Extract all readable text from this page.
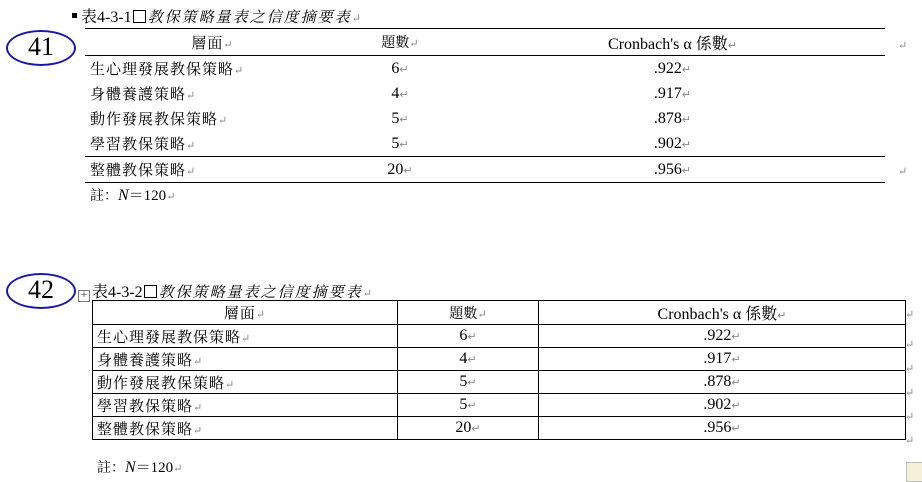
41
表4-3-1 教保策略量表之信度摘要表↵
層面↵	題數↵	Cronbach's α 係數↵
生心理發展教保策略↵	6↵	.922↵
身體養護策略↵	4↵	.917↵
動作發展教保策略↵	5↵	.878↵
學習教保策略↵	5↵	.902↵
整體教保策略↵	20↵	.956↵
↵
↵
註：N＝120↵
42	+ 表4-3-2 教保策略量表之信度摘要表↵
層面↵	題數↵	Cronbach's α 係數↵
生心理發展教保策略↵	6↵	.922↵
身體養護策略↵	4↵	.917↵
動作發展教保策略↵	5↵	.878↵
學習教保策略↵	5↵	.902↵
整體教保策略↵	20↵	.956↵
↵
↵
↵
↵
↵
↵
註：N＝120↵
